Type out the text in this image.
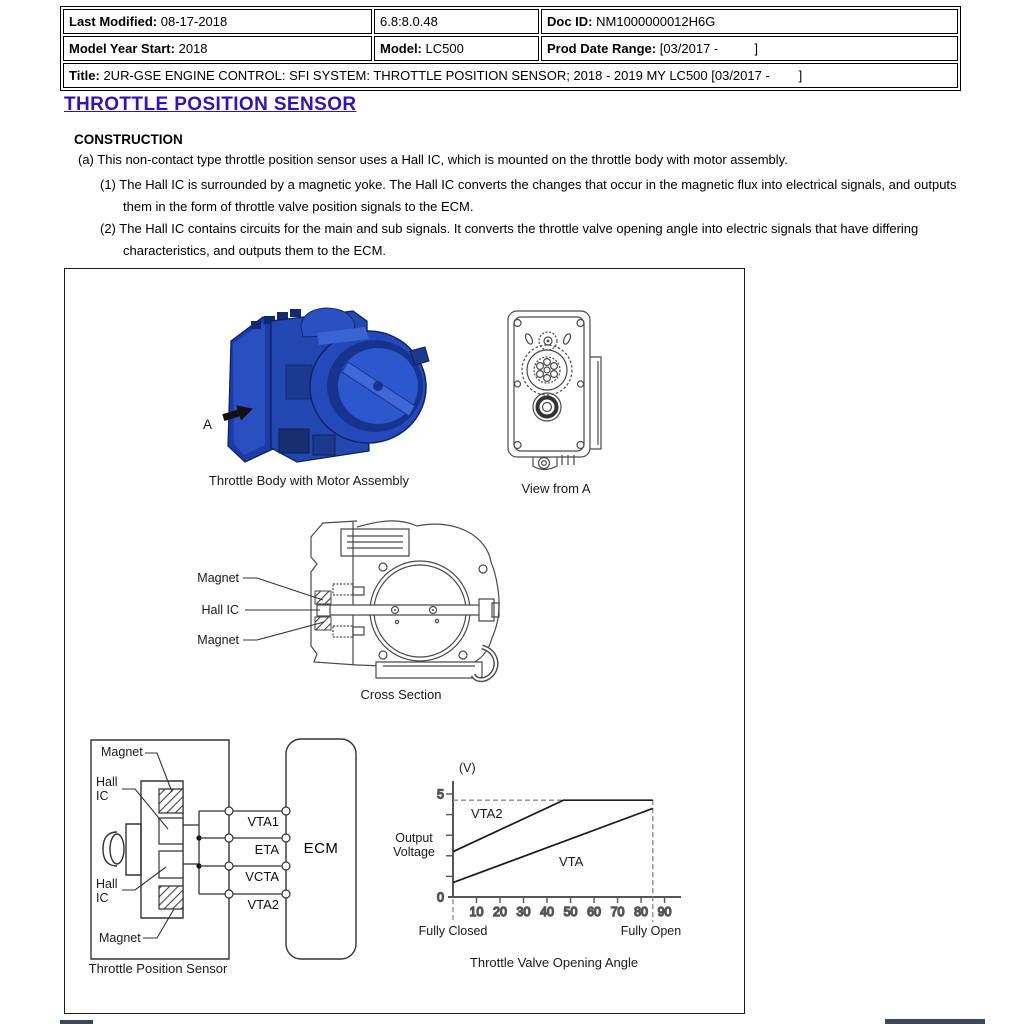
Last Modified: 08-17-2018	6.8:8.0.48	Doc ID: NM1000000012H6G
Model Year Start: 2018	Model: LC500	Prod Date Range: [03/2017 -          ]
Title: 2UR-GSE ENGINE CONTROL: SFI SYSTEM: THROTTLE POSITION SENSOR; 2018 - 2019 MY LC500 [03/2017 -        ]		
THROTTLE POSITION SENSOR
CONSTRUCTION
(a) This non-contact type throttle position sensor uses a Hall IC, which is mounted on the throttle body with motor assembly.
(1) The Hall IC is surrounded by a magnetic yoke. The Hall IC converts the changes that occur in the magnetic flux into electrical signals, and outputs them in the form of throttle valve position signals to the ECM.
(2) The Hall IC contains circuits for the main and sub signals. It converts the throttle valve opening angle into electric signals that have differing characteristics, and outputs them to the ECM.
0
5
10 20 30 40 50 60 70 80 90
VTA2
VTA
A
Throttle Body with Motor Assembly
View from A
Magnet
Hall IC
Magnet
Cross Section
Magnet
Hall IC
Hall IC
Magnet
VTA1
ETA
VCTA
VTA2
ECM
Throttle Position Sensor
(V)
Output Voltage
Fully Closed	Fully Open
Throttle Valve Opening Angle
